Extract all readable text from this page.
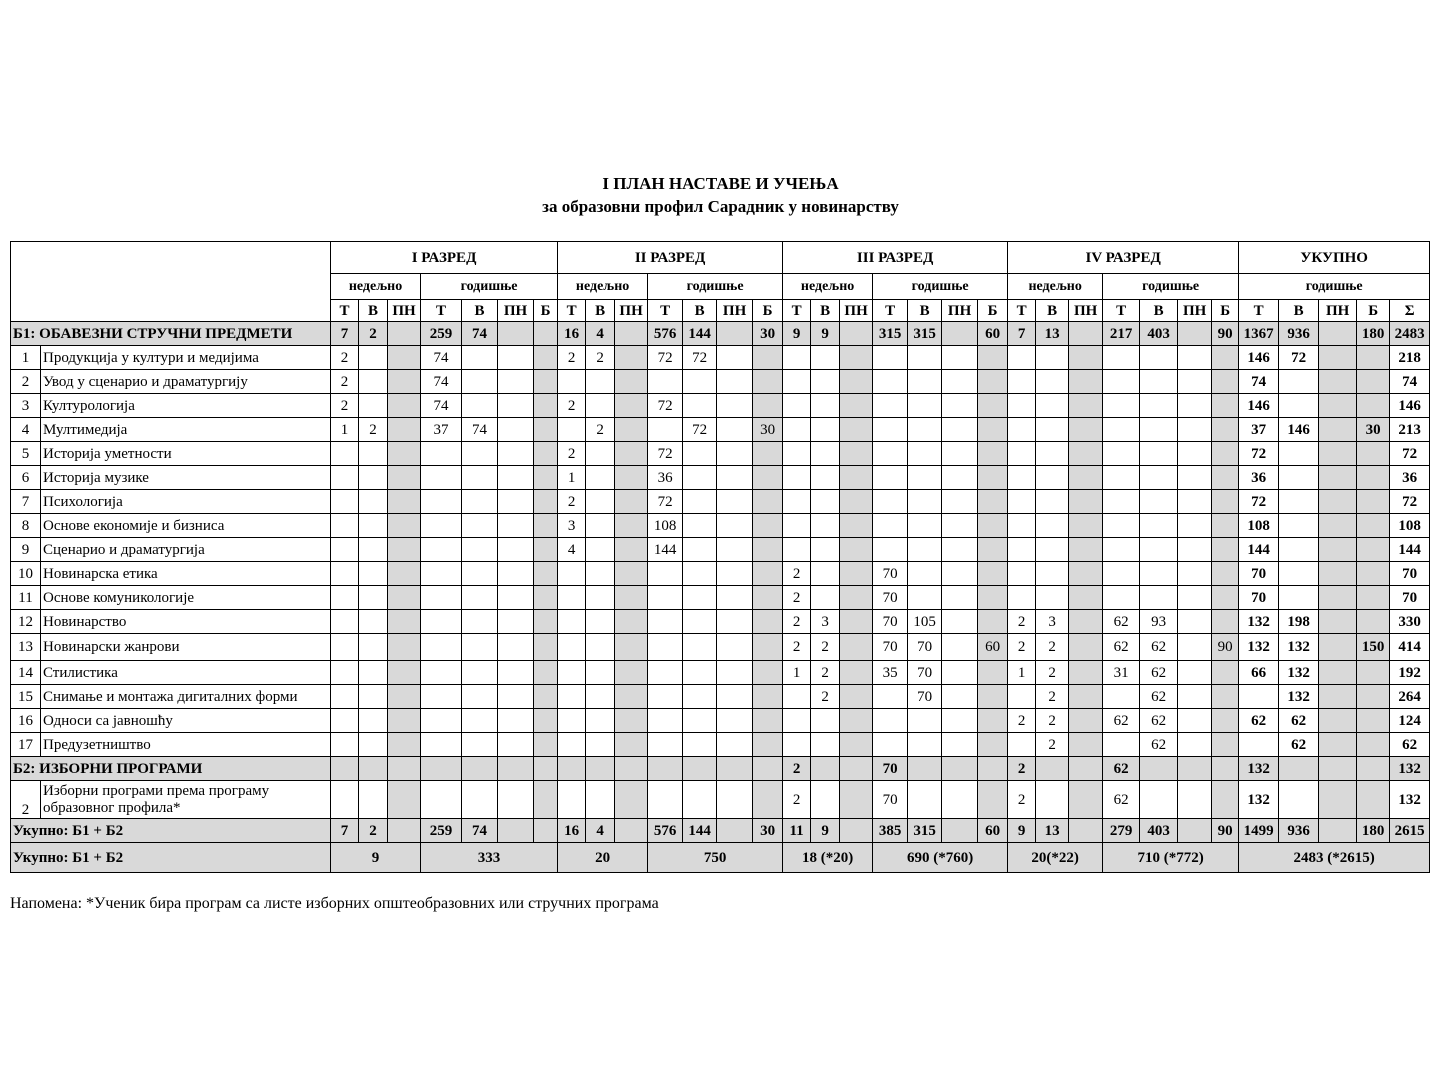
I ПЛАН НАСТАВЕ И УЧЕЊА
за образовни профил Сарадник у новинарству
		I РАЗРЕД							II РАЗРЕД							III РАЗРЕД							IV РАЗРЕД							УКУПНО				
		недељно			годишње				недељно			годишње				недељно			годишње				недељно			годишње				годишње				
		Т	В	ПН	Т	В	ПН	Б	Т	В	ПН	Т	В	ПН	Б	Т	В	ПН	Т	В	ПН	Б	Т	В	ПН	Т	В	ПН	Б	Т	В	ПН	Б	Σ
Б1: ОБАВЕЗНИ СТРУЧНИ ПРЕДМЕТИ		7	2		259	74			16	4		576	144		30	9	9		315	315		60	7	13		217	403		90	1367	936		180	2483
1	Продукција у култури и медијима	2			74				2	2		72	72																	146	72			218
2	Увод у сценарио и драматургију	2			74																									74				74
3	Културологија	2			74				2			72																		146				146
4	Мултимедија	1	2		37	74				2			72		30															37	146		30	213
5	Историја уметности								2			72																		72				72
6	Историја музике								1			36																		36				36
7	Психологија								2			72																		72				72
8	Основе економије и бизниса								3			108																		108				108
9	Сценарио и драматургија								4			144																		144				144
10	Новинарска етика															2			70											70				70
11	Основе комуникологије															2			70											70				70
12	Новинарство															2	3		70	105			2	3		62	93			132	198			330
13	Новинарски жанрови															2	2		70	70		60	2	2		62	62		90	132	132		150	414
14	Стилистика															1	2		35	70			1	2		31	62			66	132			192
15	Снимање и монтажа дигиталних форми																2			70				2			62				132			264
16	Односи са јавношћу																						2	2		62	62			62	62			124
17	Предузетништво																							2			62				62			62
Б2: ИЗБОРНИ ПРОГРАМИ																2			70				2			62				132				132
2	Изборни програми према програму образовног профила*															2			70				2			62				132				132
Укупно: Б1 + Б2		7	2		259	74			16	4		576	144		30	11	9		385	315		60	9	13		279	403		90	1499	936		180	2615
Укупно: Б1 + Б2		9			333				20			750				18 (*20)			690 (*760)				20(*22)			710 (*772)				2483 (*2615)				
Напомена: *Ученик бира програм са листе изборних општеобразовних или стручних програма
